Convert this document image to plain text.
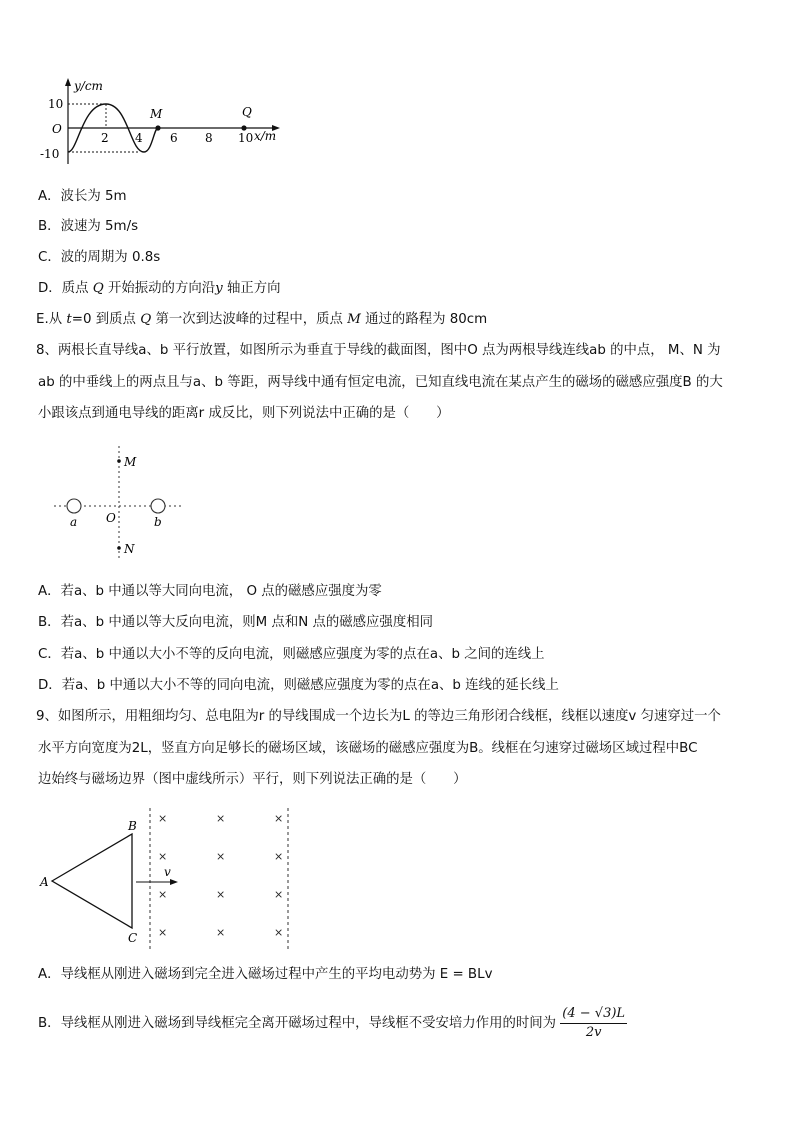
y/cm
10
O
-10
2 4 6 8 10 x/m
M	Q
A．波长为 5m
B．波速为 5m/s
C．波的周期为 0.8s
D．质点 Q 开始振动的方向沿y 轴正方向
E.从 t=0 到质点 Q 第一次到达波峰的过程中，质点 M 通过的路程为 80cm
8、两根长直导线a、b 平行放置，如图所示为垂直于导线的截面图，图中O 点为两根导线连线ab 的中点， M、N 为
ab 的中垂线上的两点且与a、b 等距，两导线中通有恒定电流，已知直线电流在某点产生的磁场的磁感应强度B 的大
小跟该点到通电导线的距离r 成反比，则下列说法中正确的是（　　）
M
N
O
a	b
A．若a、b 中通以等大同向电流， O 点的磁感应强度为零
B．若a、b 中通以等大反向电流，则M 点和N 点的磁感应强度相同
C．若a、b 中通以大小不等的反向电流，则磁感应强度为零的点在a、b 之间的连线上
D．若a、b 中通以大小不等的同向电流，则磁感应强度为零的点在a、b 连线的延长线上
9、如图所示，用粗细均匀、总电阻为r 的导线围成一个边长为L 的等边三角形闭合线框，线框以速度v 匀速穿过一个
水平方向宽度为2L，竖直方向足够长的磁场区域，该磁场的磁感应强度为B。线框在匀速穿过磁场区域过程中BC
边始终与磁场边界（图中虚线所示）平行，则下列说法正确的是（　　）
v
A
B
C
×	×	×
×	×	×
×	×	×
×	×	×
A．导线框从刚进入磁场到完全进入磁场过程中产生的平均电动势为 E = BLv
B．导线框从刚进入磁场到导线框完全离开磁场过程中，导线框不受安培力作用的时间为 $\frac{(4 - √3)L}{2v}$
